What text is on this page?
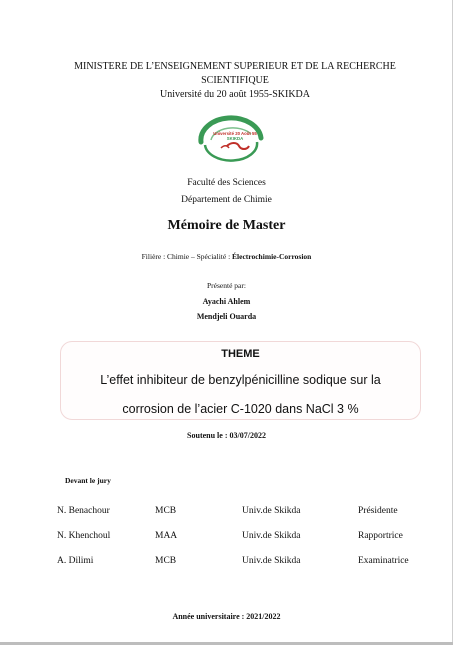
MINISTERE DE L’ENSEIGNEMENT SUPERIEUR ET DE LA RECHERCHE
SCIENTIFIQUE
Université du 20 août 1955-SKIKDA
Université 20 Août 55
SKIKDA
Faculté des Sciences
Département de Chimie
Mémoire de Master
Filière : Chimie – Spécialité : Électrochimie-Corrosion
Présenté par:
Ayachi Ahlem
Mendjeli Ouarda
THEME
L’effet inhibiteur de benzylpénicilline sodique sur la
corrosion de l’acier C-1020 dans NaCl 3 %
Soutenu le : 03/07/2022
Devant le jury
N. Benachour	MCB	Univ.de Skikda	Présidente
N. Khenchoul	MAA	Univ.de Skikda	Rapportrice
A. Dilimi	MCB	Univ.de Skikda	Examinatrice
Année universitaire : 2021/2022
